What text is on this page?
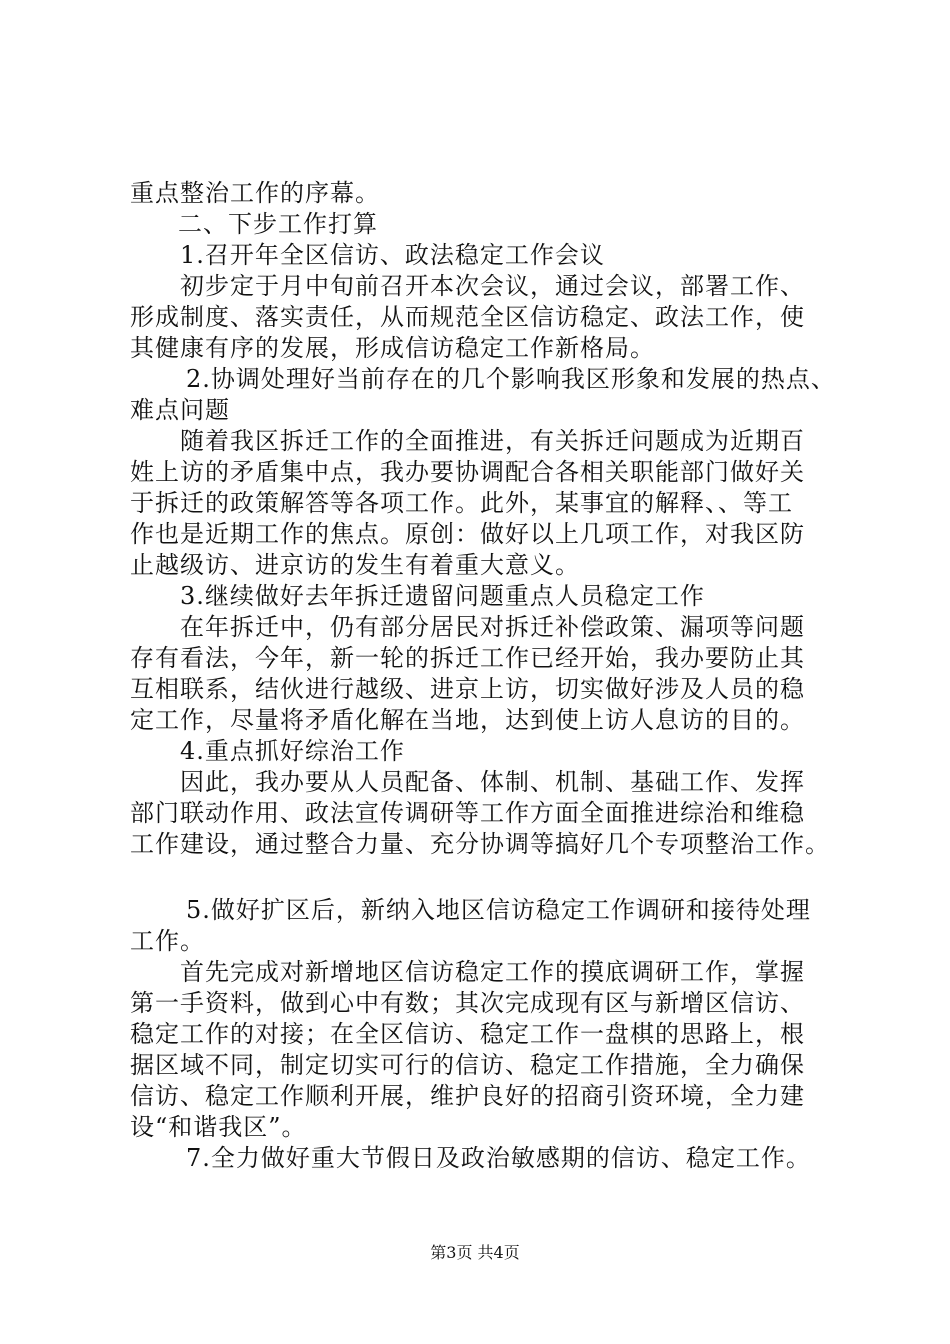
重点整治工作的序幕。
二、下步工作打算
1.召开年全区信访、政法稳定工作会议
初步定于月中旬前召开本次会议，通过会议，部署工作、
形成制度、落实责任，从而规范全区信访稳定、政法工作，使
其健康有序的发展，形成信访稳定工作新格局。
2.协调处理好当前存在的几个影响我区形象和发展的热点、
难点问题
随着我区拆迁工作的全面推进，有关拆迁问题成为近期百
姓上访的矛盾集中点，我办要协调配合各相关职能部门做好关
于拆迁的政策解答等各项工作。此外，某事宜的解释、、等工
作也是近期工作的焦点。原创：做好以上几项工作，对我区防
止越级访、进京访的发生有着重大意义。
3.继续做好去年拆迁遗留问题重点人员稳定工作
在年拆迁中，仍有部分居民对拆迁补偿政策、漏项等问题
存有看法，今年，新一轮的拆迁工作已经开始，我办要防止其
互相联系，结伙进行越级、进京上访，切实做好涉及人员的稳
定工作，尽量将矛盾化解在当地，达到使上访人息访的目的。
4.重点抓好综治工作
因此，我办要从人员配备、体制、机制、基础工作、发挥
部门联动作用、政法宣传调研等工作方面全面推进综治和维稳
工作建设，通过整合力量、充分协调等搞好几个专项整治工作。
5.做好扩区后，新纳入地区信访稳定工作调研和接待处理
工作。
首先完成对新增地区信访稳定工作的摸底调研工作，掌握
第一手资料，做到心中有数；其次完成现有区与新增区信访、
稳定工作的对接；在全区信访、稳定工作一盘棋的思路上，根
据区域不同，制定切实可行的信访、稳定工作措施，全力确保
信访、稳定工作顺利开展，维护良好的招商引资环境，全力建
设“和谐我区”。
7.全力做好重大节假日及政治敏感期的信访、稳定工作。
第3页 共4页
